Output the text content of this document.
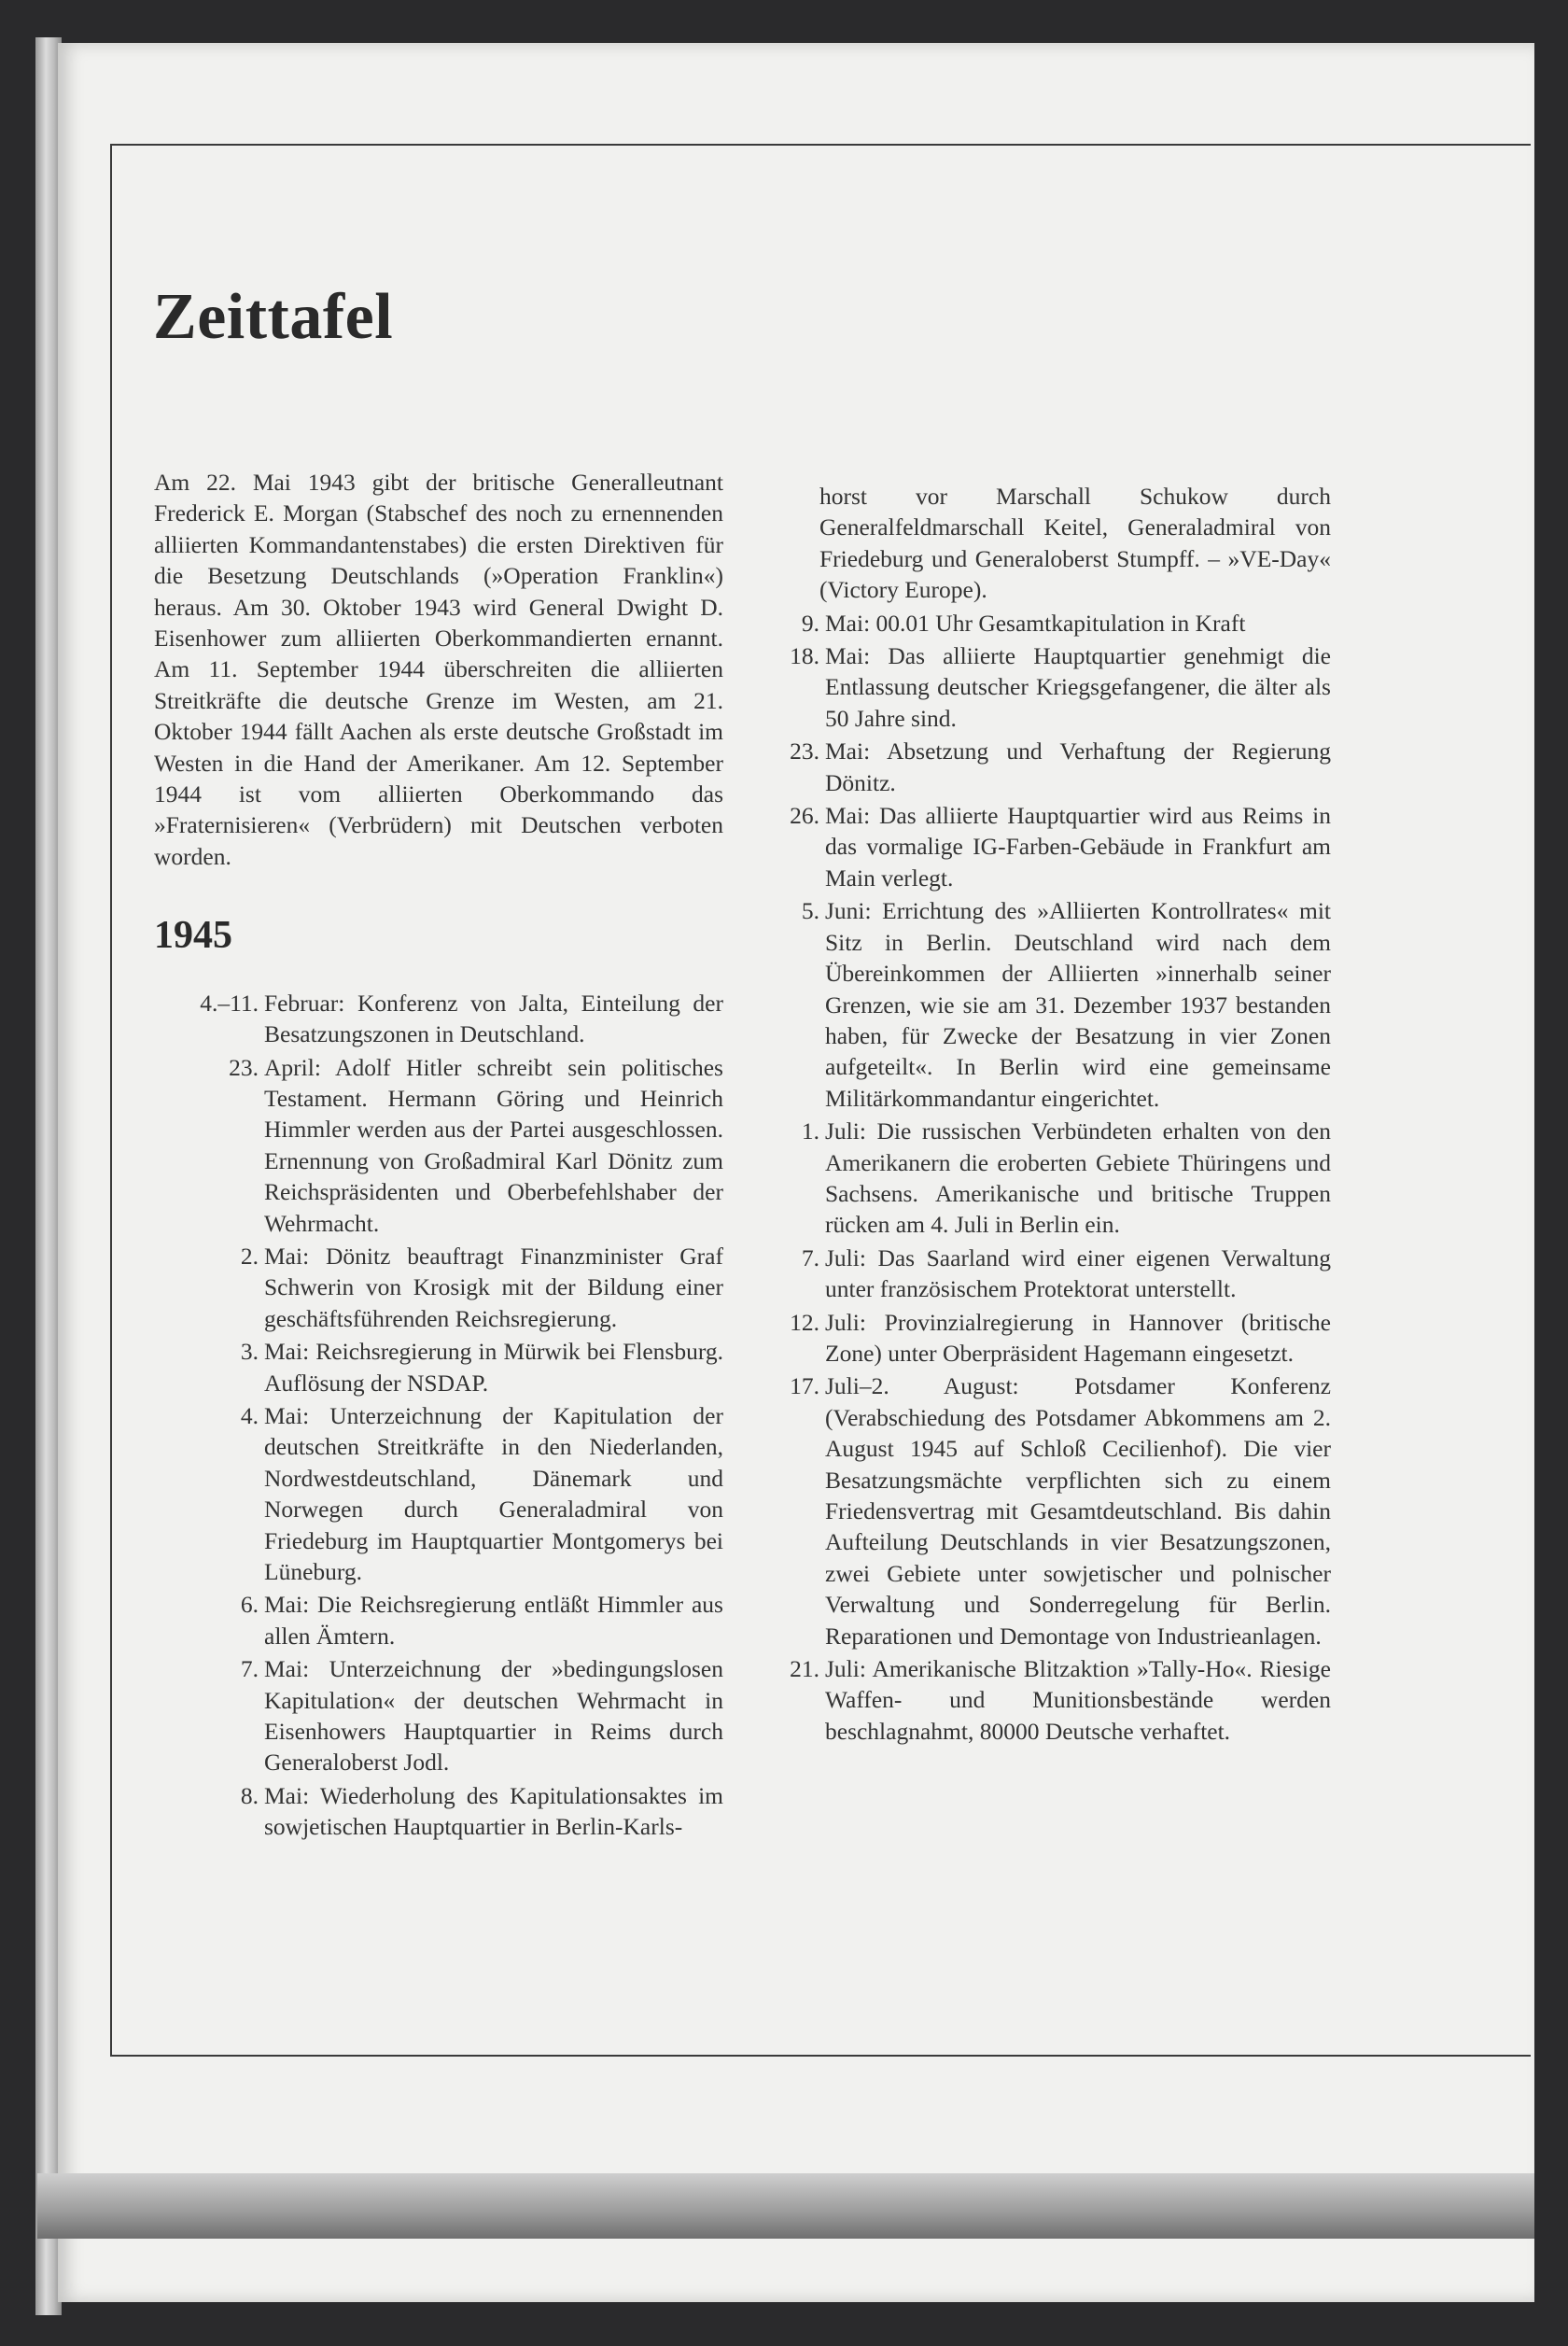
Zeittafel

Am 22. Mai 1943 gibt der britische Generalleutnant Frederick E. Morgan (Stabschef des noch zu ernennenden alliierten Kommandantenstabes) die ersten Direktiven für die Besetzung Deutschlands (»Operation Franklin«) heraus. Am 30. Oktober 1943 wird General Dwight D. Eisenhower zum alliierten Oberkommandierten ernannt. Am 11. September 1944 überschreiten die alliierten Streitkräfte die deutsche Grenze im Westen, am 21. Oktober 1944 fällt Aachen als erste deutsche Großstadt im Westen in die Hand der Amerikaner. Am 12. September 1944 ist vom alliierten Oberkommando das »Fraternisieren« (Verbrüdern) mit Deutschen verboten worden.

1945
4.–11. Februar: Konferenz von Jalta, Einteilung der Besatzungszonen in Deutschland.
23. April: Adolf Hitler schreibt sein politisches Testament. Hermann Göring und Heinrich Himmler werden aus der Partei ausgeschlossen. Ernennung von Großadmiral Karl Dönitz zum Reichspräsidenten und Oberbefehlshaber der Wehrmacht.
2. Mai: Dönitz beauftragt Finanzminister Graf Schwerin von Krosigk mit der Bildung einer geschäftsführenden Reichsregierung.
3. Mai: Reichsregierung in Mürwik bei Flensburg. Auflösung der NSDAP.
4. Mai: Unterzeichnung der Kapitulation der deutschen Streitkräfte in den Niederlanden, Nordwestdeutschland, Dänemark und Norwegen durch Generaladmiral von Friedeburg im Hauptquartier Montgomerys bei Lüneburg.
6. Mai: Die Reichsregierung entläßt Himmler aus allen Ämtern.
7. Mai: Unterzeichnung der »bedingungslosen Kapitulation« der deutschen Wehrmacht in Eisenhowers Hauptquartier in Reims durch Generaloberst Jodl.
8. Mai: Wiederholung des Kapitulationsaktes im sowjetischen Hauptquartier in Berlin-Karls-

horst vor Marschall Schukow durch Generalfeldmarschall Keitel, Generaladmiral von Friedeburg und Generaloberst Stumpff. – »VE-Day« (Victory Europe).

9. Mai: 00.01 Uhr Gesamtkapitulation in Kraft
18. Mai: Das alliierte Hauptquartier genehmigt die Entlassung deutscher Kriegsgefangener, die älter als 50 Jahre sind.
23. Mai: Absetzung und Verhaftung der Regierung Dönitz.
26. Mai: Das alliierte Hauptquartier wird aus Reims in das vormalige IG-Farben-Gebäude in Frankfurt am Main verlegt.
5. Juni: Errichtung des »Alliierten Kontrollrates« mit Sitz in Berlin. Deutschland wird nach dem Übereinkommen der Alliierten »innerhalb seiner Grenzen, wie sie am 31. Dezember 1937 bestanden haben, für Zwecke der Besatzung in vier Zonen aufgeteilt«. In Berlin wird eine gemeinsame Militärkommandantur eingerichtet.
1. Juli: Die russischen Verbündeten erhalten von den Amerikanern die eroberten Gebiete Thüringens und Sachsens. Amerikanische und britische Truppen rücken am 4. Juli in Berlin ein.
7. Juli: Das Saarland wird einer eigenen Verwaltung unter französischem Protektorat unterstellt.
12. Juli: Provinzialregierung in Hannover (britische Zone) unter Oberpräsident Hagemann eingesetzt.
17. Juli–2. August: Potsdamer Konferenz (Verabschiedung des Potsdamer Abkommens am 2. August 1945 auf Schloß Cecilienhof). Die vier Besatzungsmächte verpflichten sich zu einem Friedensvertrag mit Gesamtdeutschland. Bis dahin Aufteilung Deutschlands in vier Besatzungszonen, zwei Gebiete unter sowjetischer und polnischer Verwaltung und Sonderregelung für Berlin. Reparationen und Demontage von Industrieanlagen.
21. Juli: Amerikanische Blitzaktion »Tally-Ho«. Riesige Waffen- und Munitionsbestände werden beschlagnahmt, 80000 Deutsche verhaftet.
